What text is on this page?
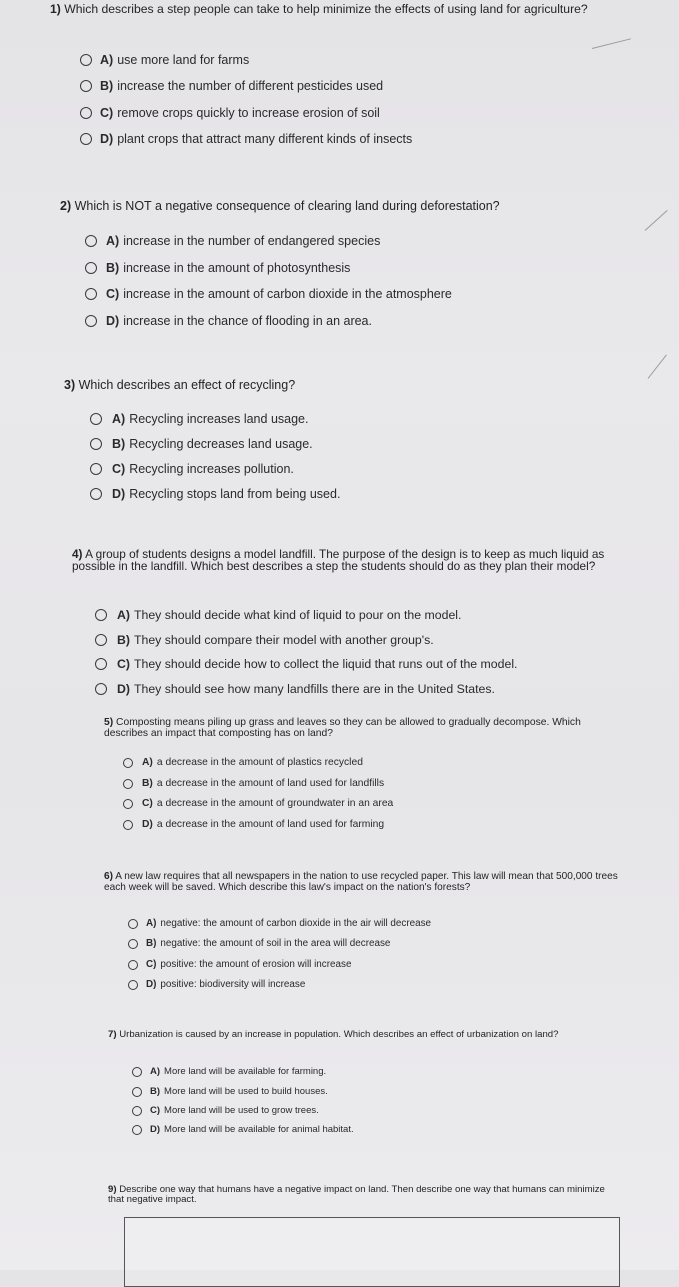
1) Which describes a step people can take to help minimize the effects of using land for agriculture?
A) use more land for farms
B) increase the number of different pesticides used
C) remove crops quickly to increase erosion of soil
D) plant crops that attract many different kinds of insects
2) Which is NOT a negative consequence of clearing land during deforestation?
A) increase in the number of endangered species
B) increase in the amount of photosynthesis
C) increase in the amount of carbon dioxide in the atmosphere
D) increase in the chance of flooding in an area.
3) Which describes an effect of recycling?
A) Recycling increases land usage.
B) Recycling decreases land usage.
C) Recycling increases pollution.
D) Recycling stops land from being used.
4) A group of students designs a model landfill. The purpose of the design is to keep as much liquid as possible in the landfill. Which best describes a step the students should do as they plan their model?
A) They should decide what kind of liquid to pour on the model.
B) They should compare their model with another group's.
C) They should decide how to collect the liquid that runs out of the model.
D) They should see how many landfills there are in the United States.
5) Composting means piling up grass and leaves so they can be allowed to gradually decompose. Which describes an impact that composting has on land?
A) a decrease in the amount of plastics recycled
B) a decrease in the amount of land used for landfills
C) a decrease in the amount of groundwater in an area
D) a decrease in the amount of land used for farming
6) A new law requires that all newspapers in the nation to use recycled paper. This law will mean that 500,000 trees each week will be saved. Which describe this law's impact on the nation's forests?
A) negative: the amount of carbon dioxide in the air will decrease
B) negative: the amount of soil in the area will decrease
C) positive: the amount of erosion will increase
D) positive: biodiversity will increase
7) Urbanization is caused by an increase in population. Which describes an effect of urbanization on land?
A) More land will be available for farming.
B) More land will be used to build houses.
C) More land will be used to grow trees.
D) More land will be available for animal habitat.
9) Describe one way that humans have a negative impact on land. Then describe one way that humans can minimize that negative impact.
